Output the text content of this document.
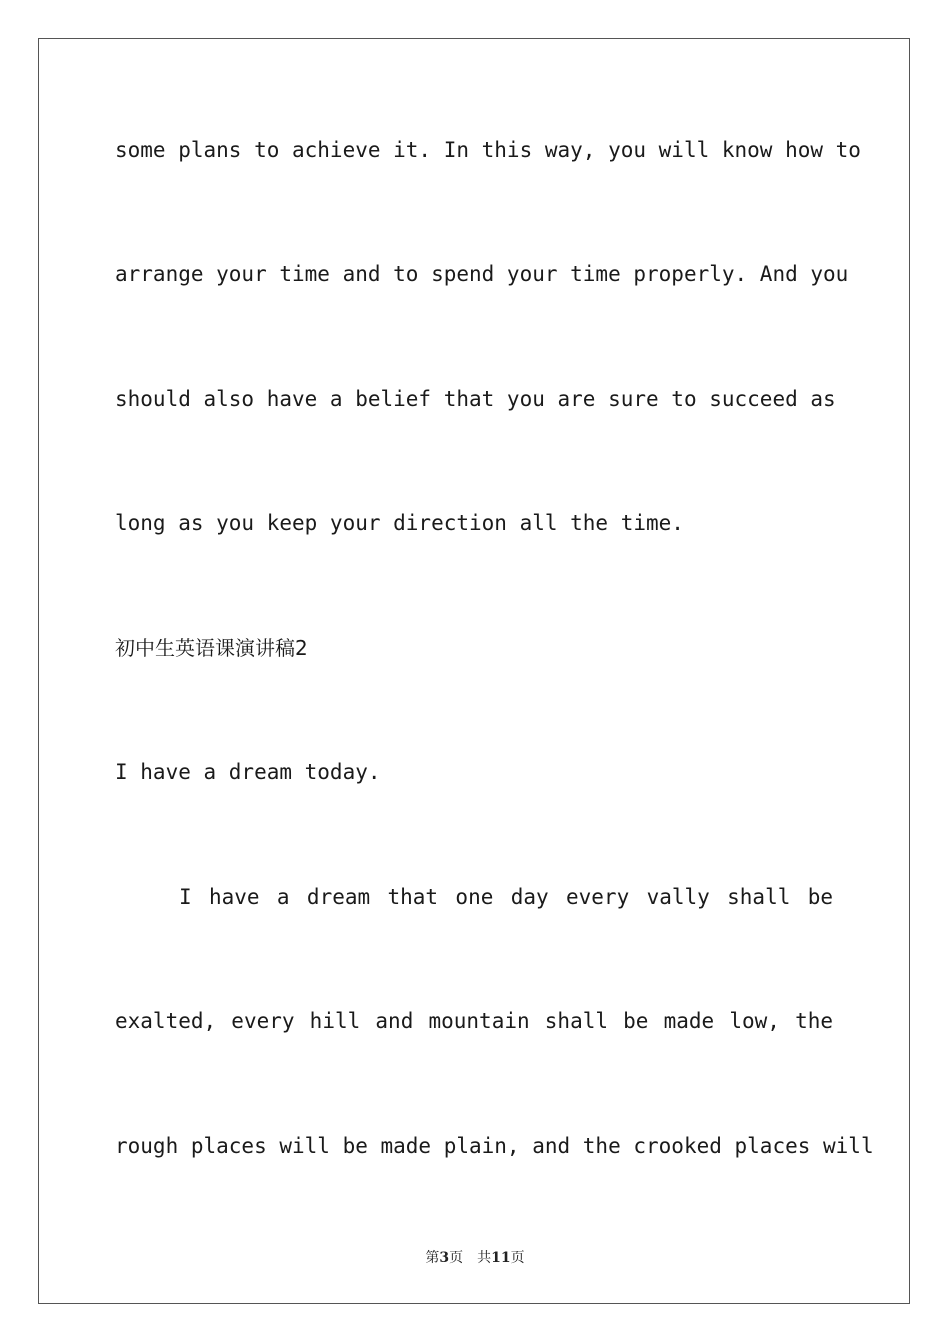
some plans to achieve it. In this way, you will know how to
arrange your time and to spend your time properly. And you
should also have a belief that you are sure to succeed as
long as you keep your direction all the time.
初中生英语课演讲稿2
I have a dream today.
I have a dream that one day every vally shall be
exalted, every hill and mountain shall be made low, the
rough places will be made plain, and the crooked places will
第3页 共11页
